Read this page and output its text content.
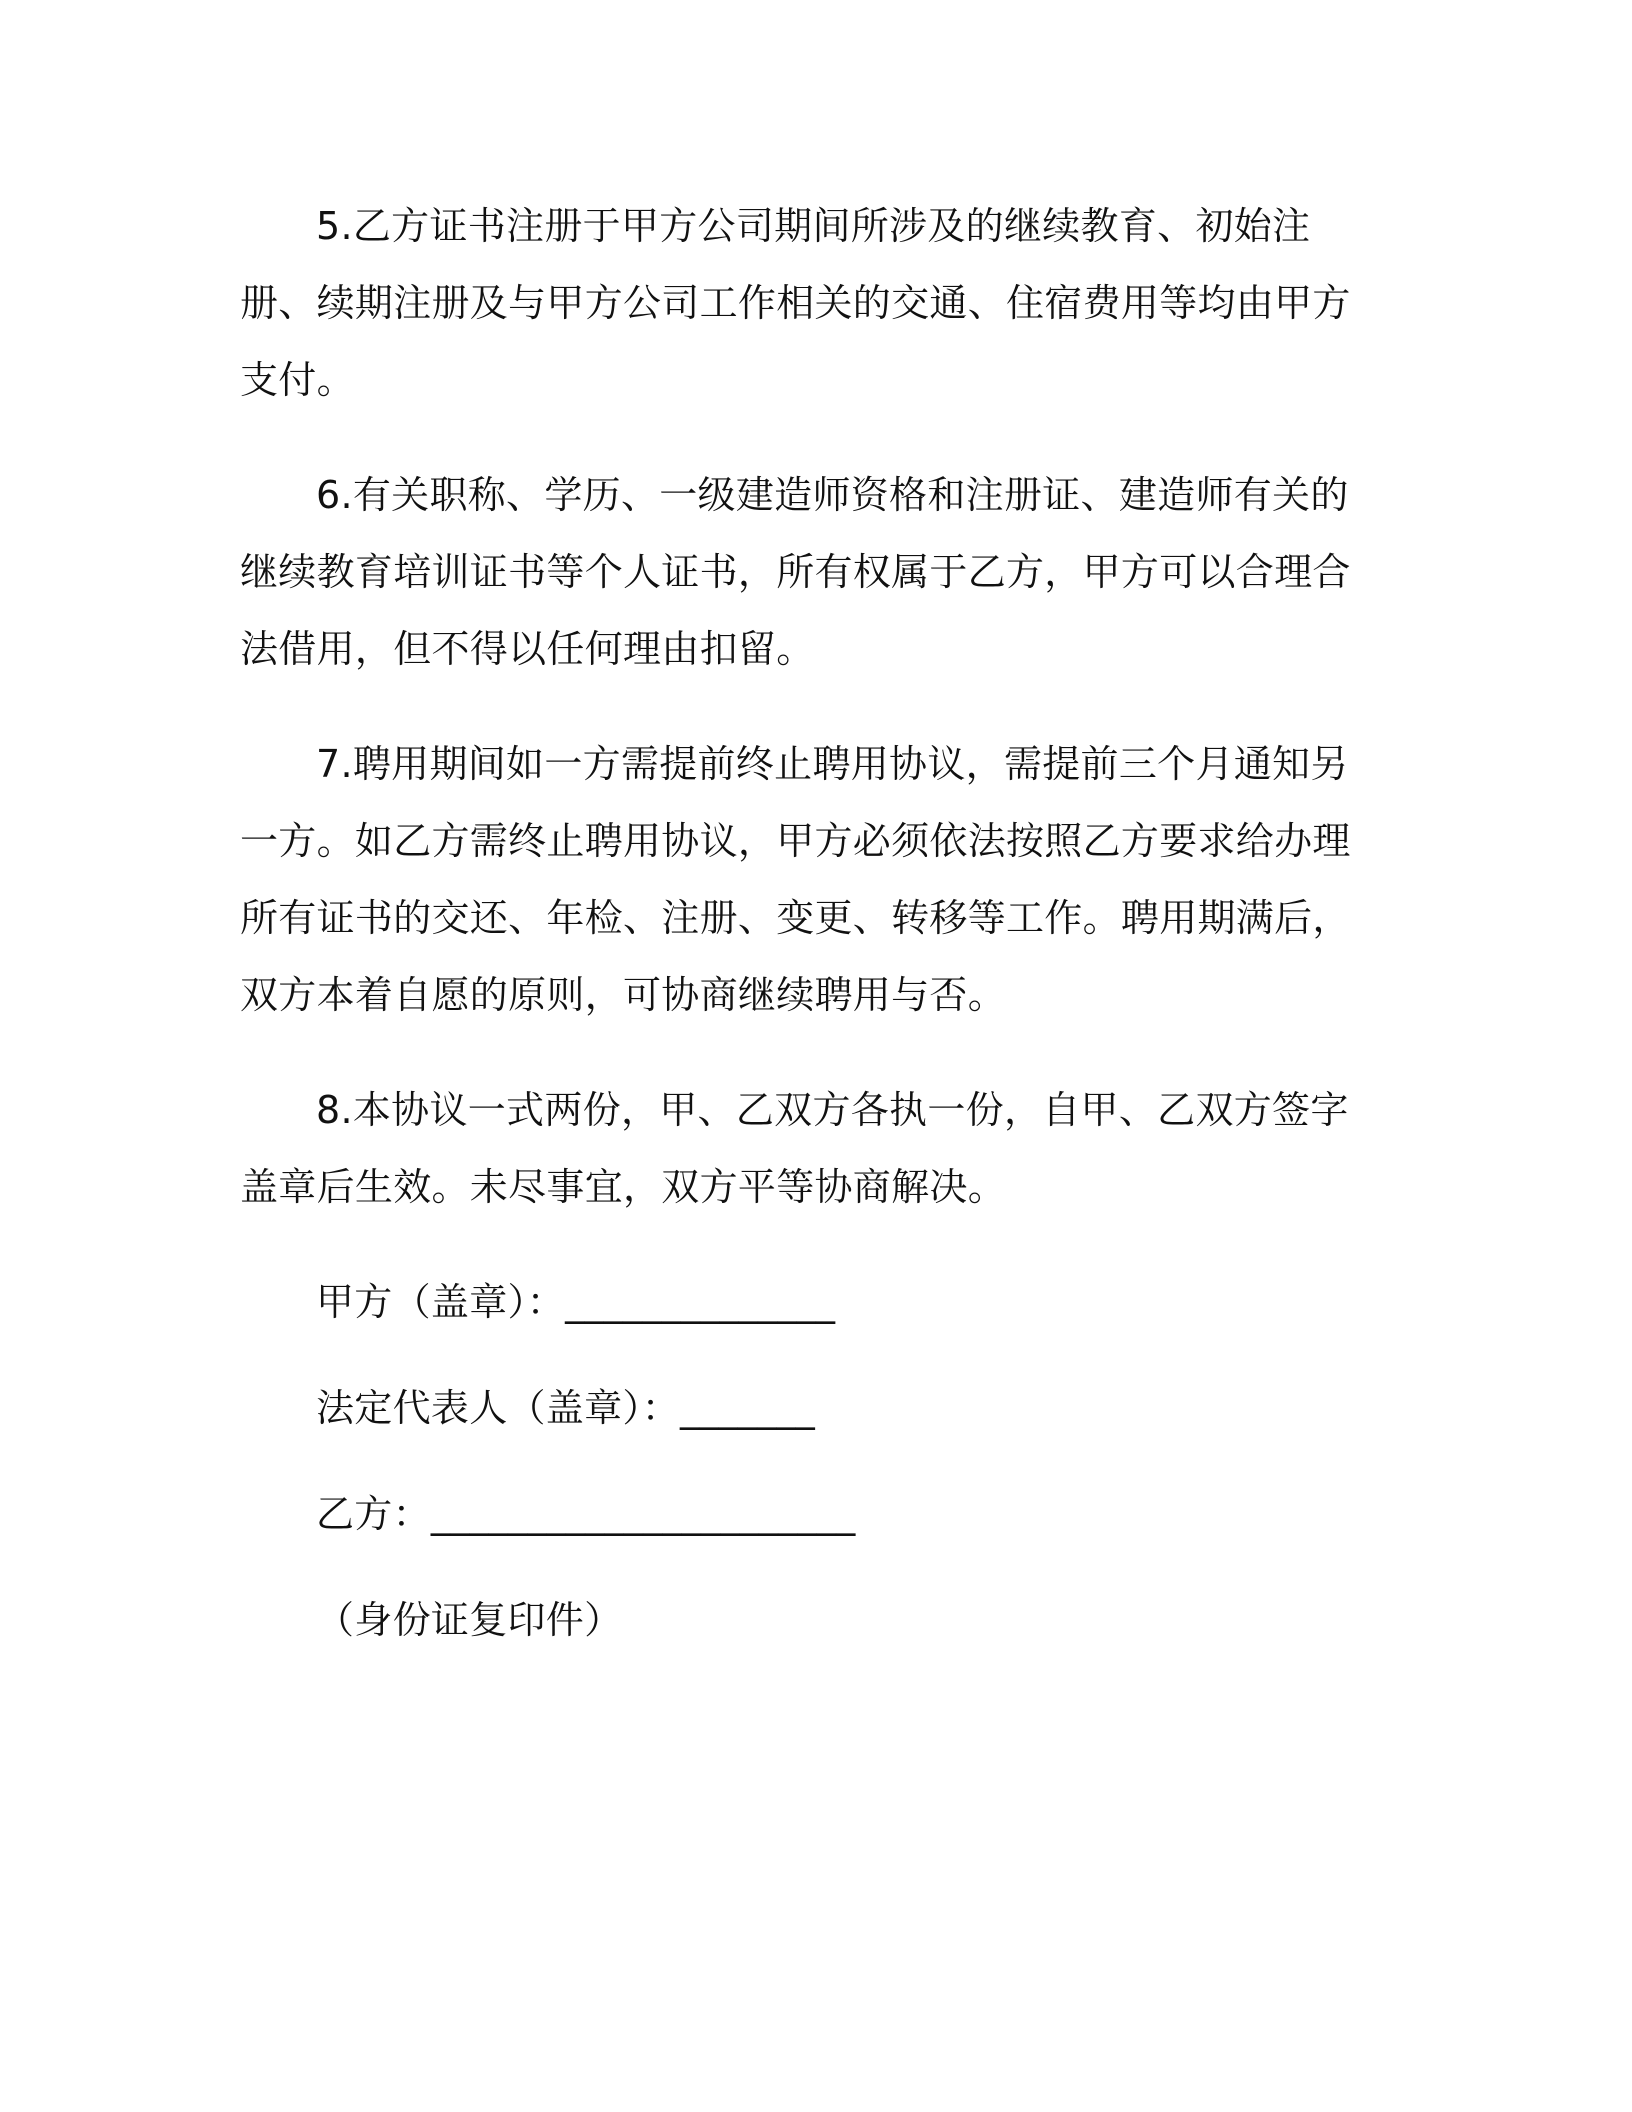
5.乙方证书注册于甲方公司期间所涉及的继续教育、初始注册、续期注册及与甲方公司工作相关的交通、住宿费用等均由甲方支付。

6.有关职称、学历、一级建造师资格和注册证、建造师有关的继续教育培训证书等个人证书，所有权属于乙方，甲方可以合理合法借用，但不得以任何理由扣留。

7.聘用期间如一方需提前终止聘用协议，需提前三个月通知另一方。如乙方需终止聘用协议，甲方必须依法按照乙方要求给办理所有证书的交还、年检、注册、变更、转移等工作。聘用期满后，双方本着自愿的原则，可协商继续聘用与否。

8.本协议一式两份，甲、乙双方各执一份，自甲、乙双方签字盖章后生效。未尽事宜，双方平等协商解决。

甲方（盖章）：______________
法定代表人（盖章）：_______
乙方：______________________
（身份证复印件）
